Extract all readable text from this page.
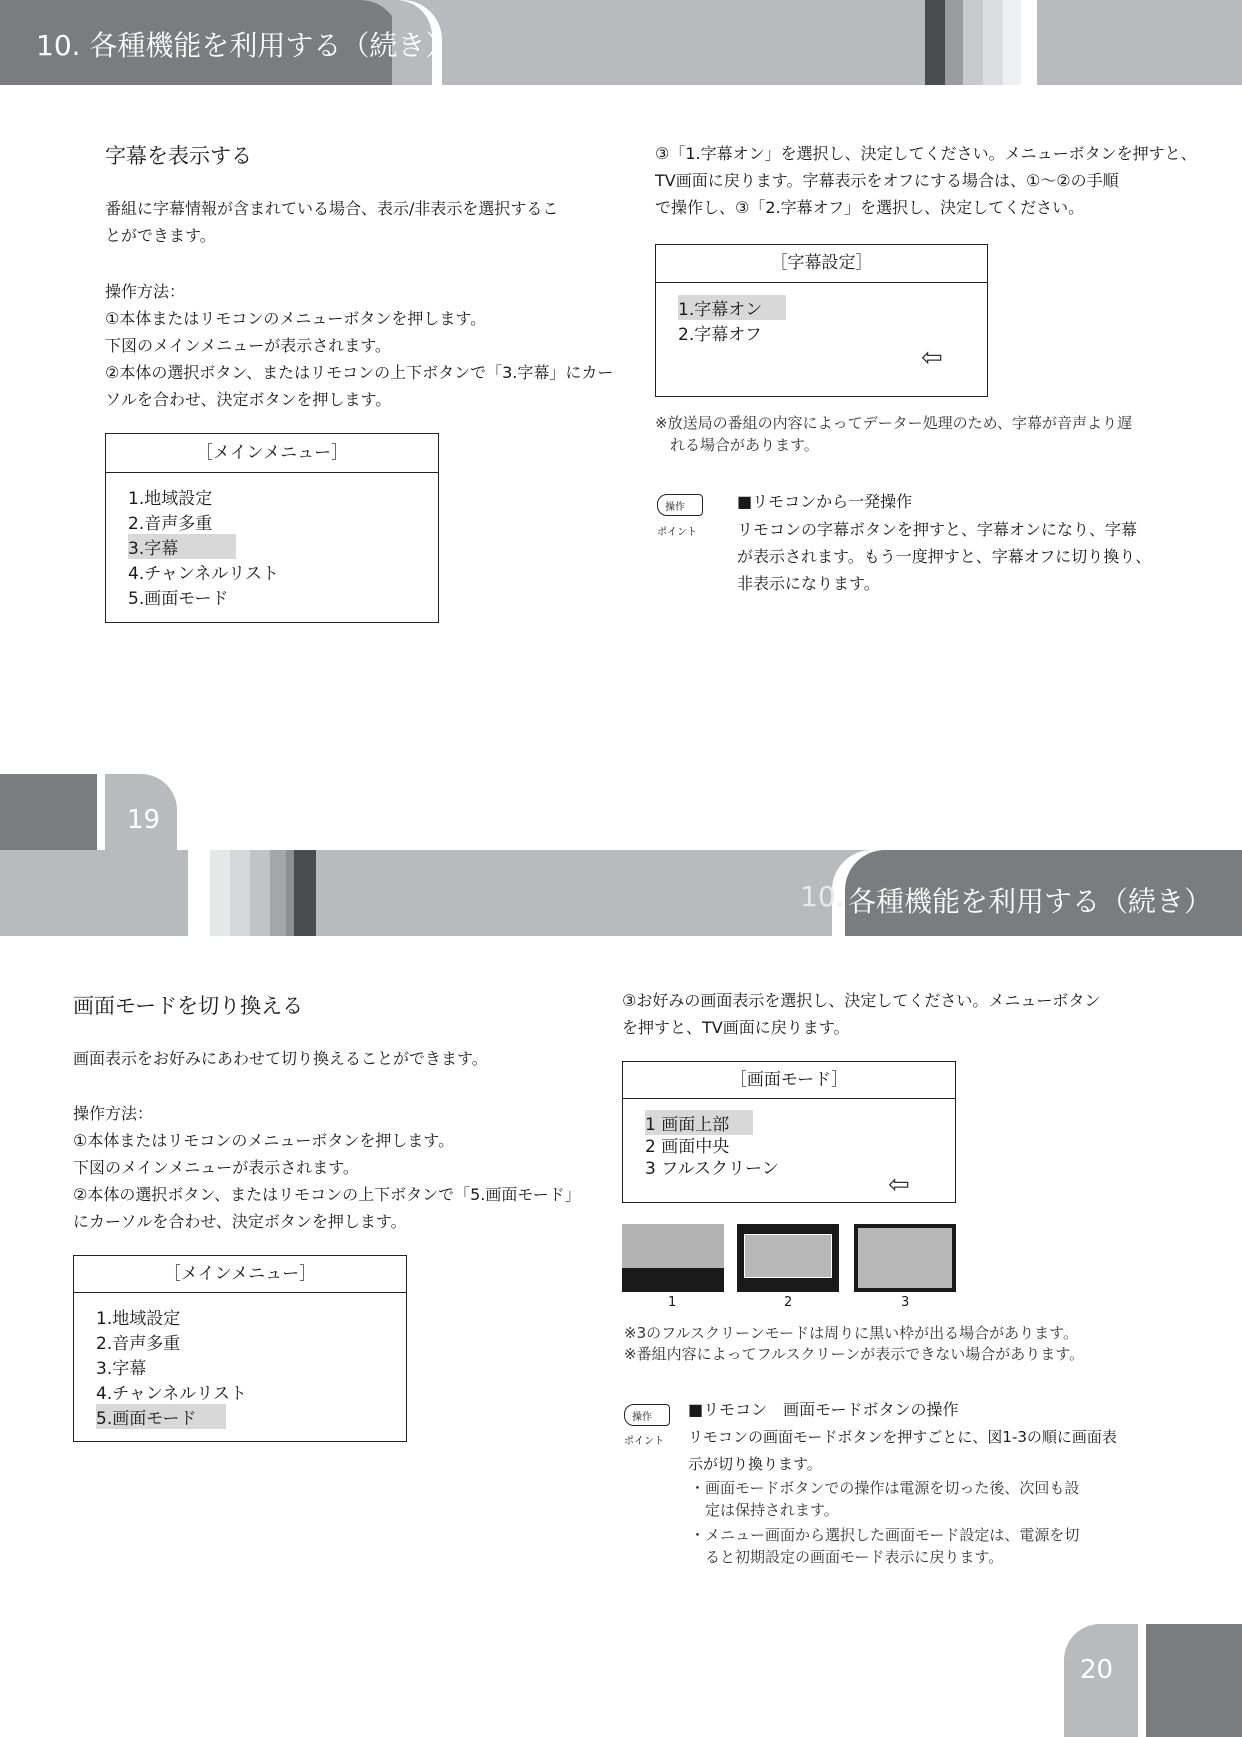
10. 各種機能を利用する（続き）
字幕を表示する
番組に字幕情報が含まれている場合、表示/非表示を選択するこ
とができます。
操作方法：
①本体またはリモコンのメニューボタンを押します。
下図のメインメニューが表示されます。
②本体の選択ボタン、またはリモコンの上下ボタンで「3.字幕」にカー
ソルを合わせ、決定ボタンを押します。
［メインメニュー］
1.地域設定
2.音声多重
3.字幕
4.チャンネルリスト
5.画面モード
③「1.字幕オン」を選択し、決定してください。メニューボタンを押すと、
TV画面に戻ります。字幕表示をオフにする場合は、①～②の手順
で操作し、③「2.字幕オフ」を選択し、決定してください。
［字幕設定］
1.字幕オン
2.字幕オフ
⇦
※放送局の番組の内容によってデーター処理のため、字幕が音声より遅
れる場合があります。
操作
ポイント
■リモコンから一発操作
リモコンの字幕ボタンを押すと、字幕オンになり、字幕
が表示されます。もう一度押すと、字幕オフに切り換り、
非表示になります。
19
10. 各種機能を利用する（続き）
画面モードを切り換える
画面表示をお好みにあわせて切り換えることができます。
操作方法：
①本体またはリモコンのメニューボタンを押します。
下図のメインメニューが表示されます。
②本体の選択ボタン、またはリモコンの上下ボタンで「5.画面モード」
にカーソルを合わせ、決定ボタンを押します。
［メインメニュー］
1.地域設定
2.音声多重
3.字幕
4.チャンネルリスト
5.画面モード
③お好みの画面表示を選択し、決定してください。メニューボタン
を押すと、TV画面に戻ります。
［画面モード］
1 画面上部
2 画面中央
3 フルスクリーン
⇦
1	2	3
※3のフルスクリーンモードは周りに黒い枠が出る場合があります。
※番組内容によってフルスクリーンが表示できない場合があります。
操作
ポイント
■リモコン　画面モードボタンの操作
リモコンの画面モードボタンを押すごとに、図1-3の順に画面表
示が切り換ります。
・画面モードボタンでの操作は電源を切った後、次回も設
　定は保持されます。
・メニュー画面から選択した画面モード設定は、電源を切
　ると初期設定の画面モード表示に戻ります。
20
